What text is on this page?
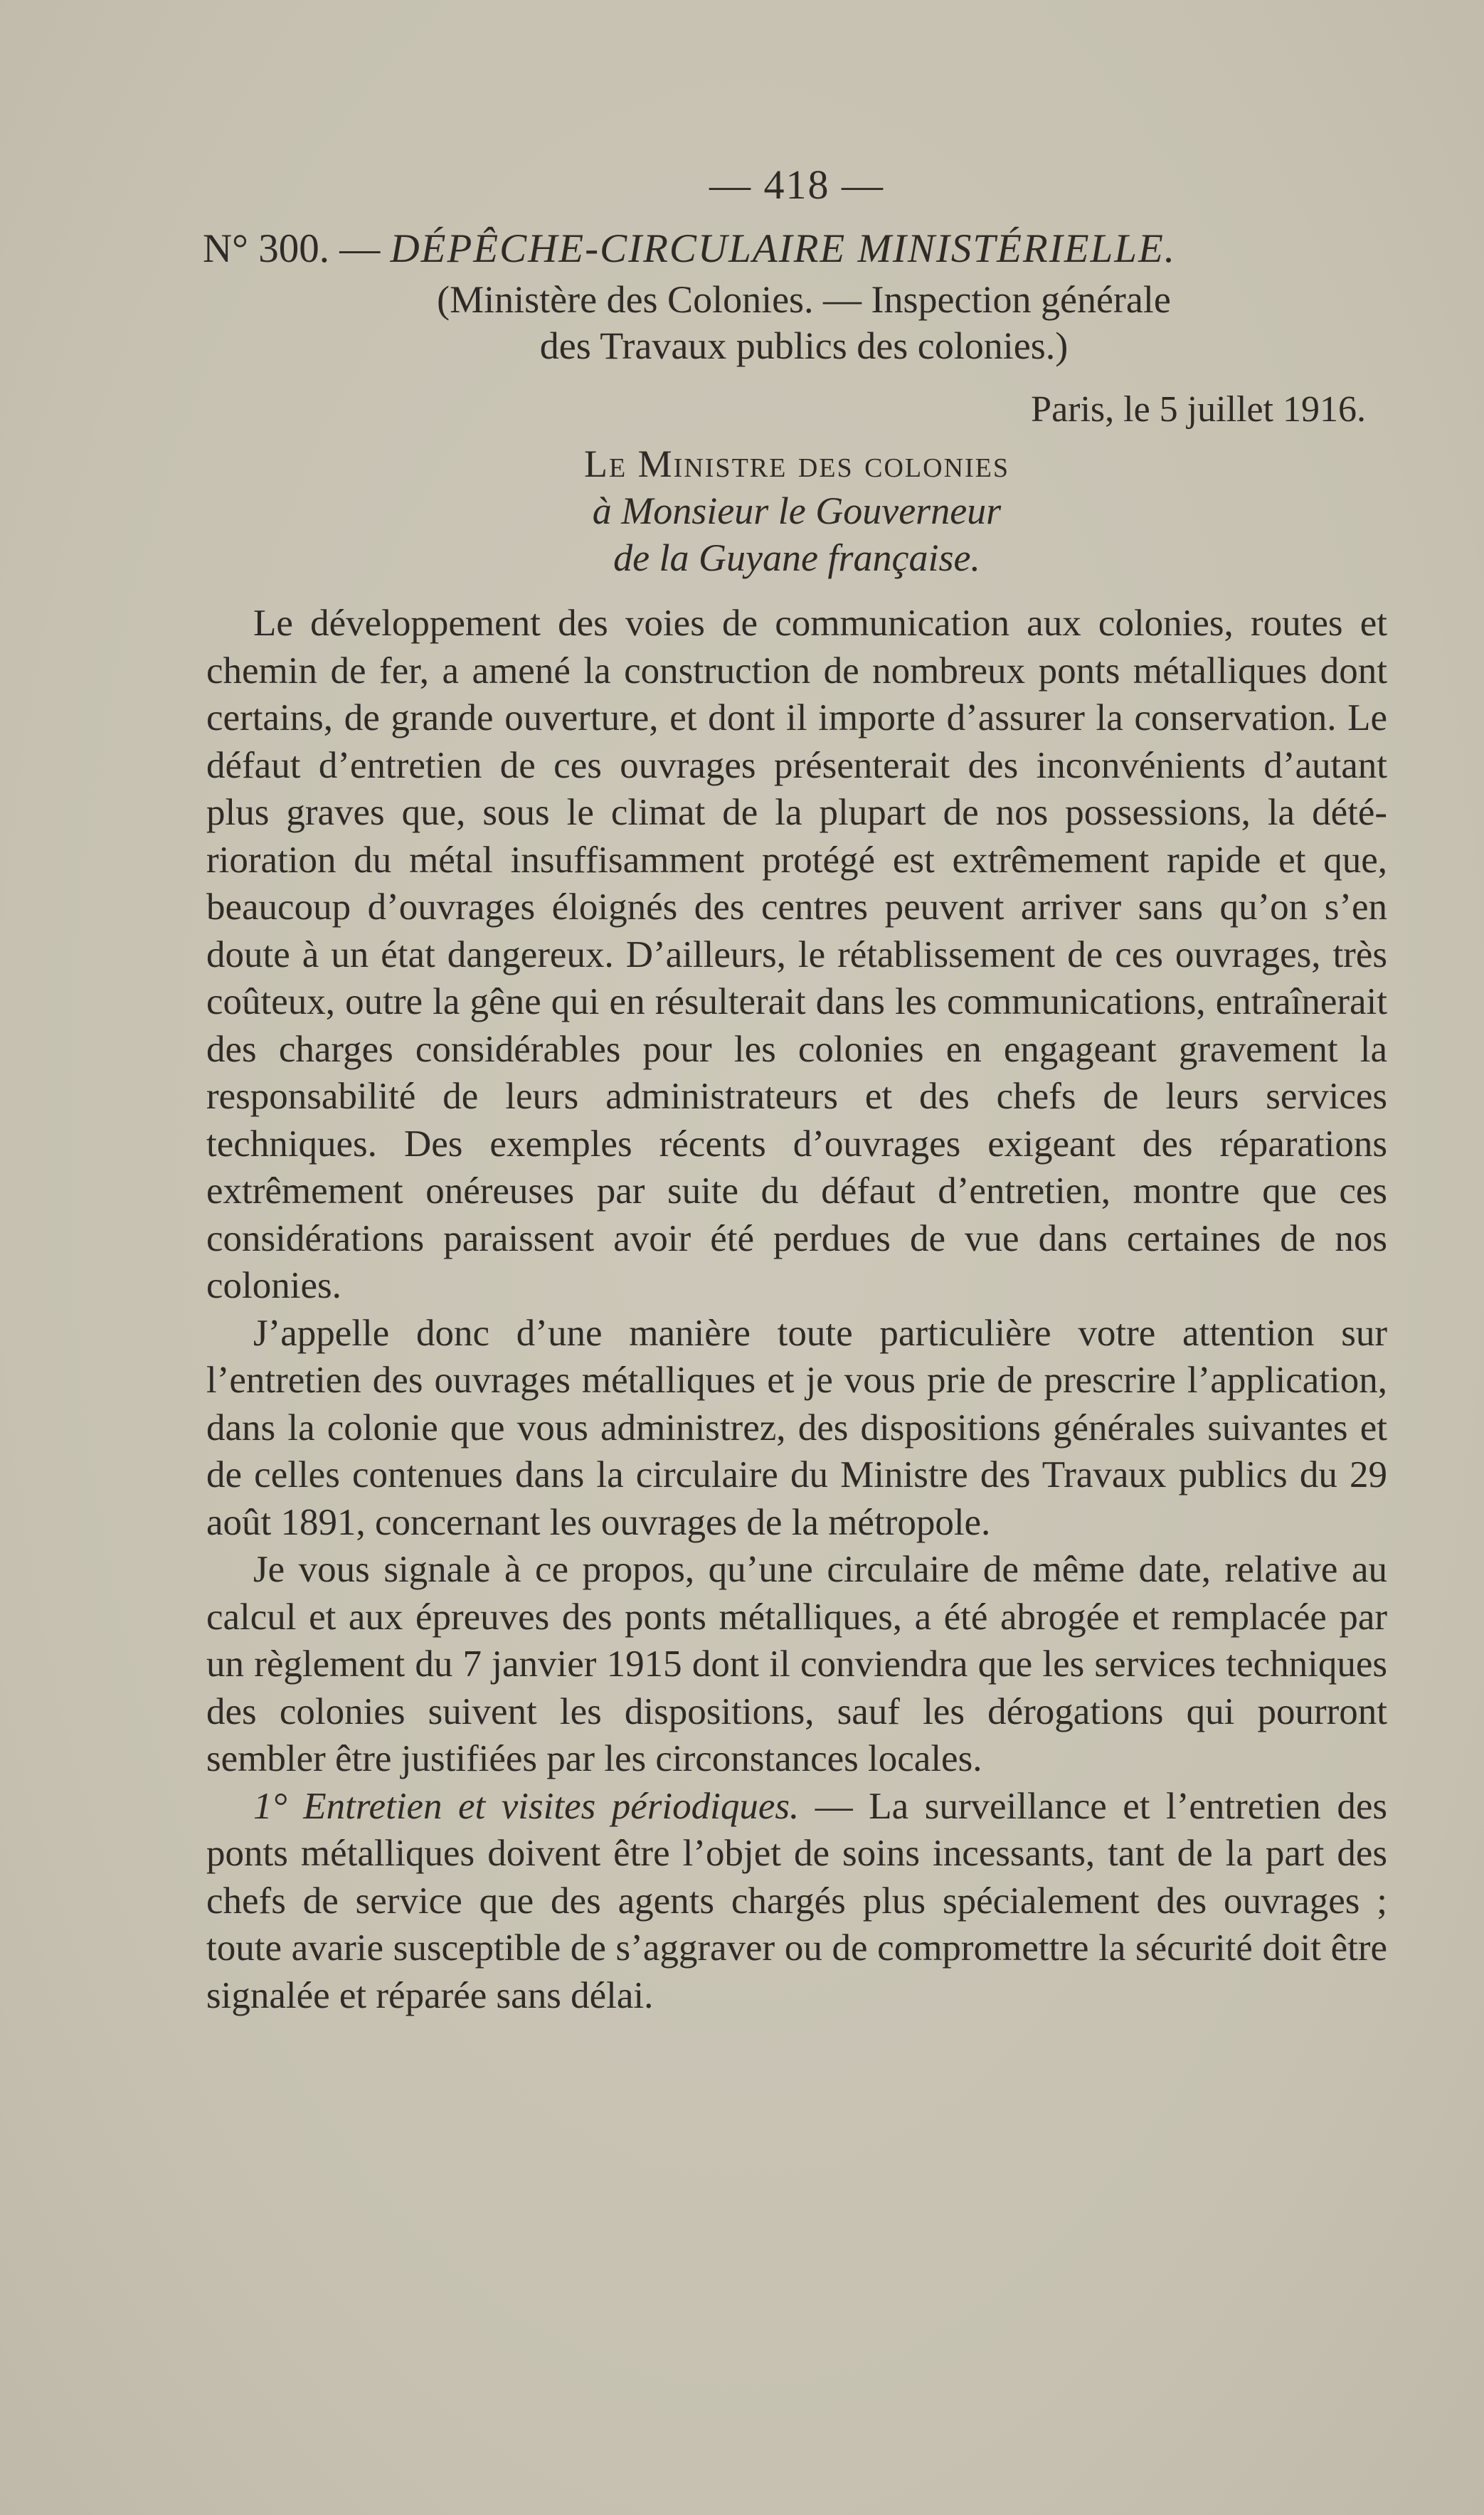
— 418 —
N° 300. — DÉPÊCHE-CIRCULAIRE MINISTÉRIELLE.
(Ministère des Colonies. — Inspection générale
des Travaux publics des colonies.)
Paris, le 5 juillet 1916.
Le Ministre des colonies
à Monsieur le Gouverneur
de la Guyane française.

Le développement des voies de communication aux colonies, routes et chemin de fer, a amené la construction de nombreux ponts métalliques dont certains, de grande ouverture, et dont il importe d’assurer la conservation. Le défaut d’entretien de ces ouvrages présenterait des inconvénients d’autant plus graves que, sous le climat de la plupart de nos possessions, la détérioration du métal insuffisamment protégé est extrêmement rapide et que, beaucoup d’ouvrages éloignés des centres peuvent arriver sans qu’on s’en doute à un état dangereux. D’ailleurs, le rétablissement de ces ouvrages, très coûteux, outre la gêne qui en résulterait dans les communications, entraînerait des charges considérables pour les colonies en engageant gravement la responsabilité de leurs administrateurs et des chefs de leurs services techniques. Des exemples récents d’ouvrages exigeant des réparations extrêmement onéreuses par suite du défaut d’entretien, montre que ces considérations paraissent avoir été perdues de vue dans certaines de nos colonies.

J’appelle donc d’une manière toute particulière votre attention sur l’entretien des ouvrages métalliques et je vous prie de prescrire l’application, dans la colonie que vous administrez, des dispositions générales suivantes et de celles contenues dans la circulaire du Ministre des Travaux publics du 29 août 1891, concernant les ouvrages de la métropole.

Je vous signale à ce propos, qu’une circulaire de même date, relative au calcul et aux épreuves des ponts métalliques, a été abrogée et remplacée par un règlement du 7 janvier 1915 dont il conviendra que les services techniques des colonies suivent les dispositions, sauf les dérogations qui pourront sembler être justifiées par les circonstances locales.

1° Entretien et visites périodiques. — La surveillance et l’entretien des ponts métalliques doivent être l’objet de soins incessants, tant de la part des chefs de service que des agents chargés plus spécialement des ouvrages ; toute avarie susceptible de s’aggraver ou de compromettre la sécurité doit être signalée et réparée sans délai.
